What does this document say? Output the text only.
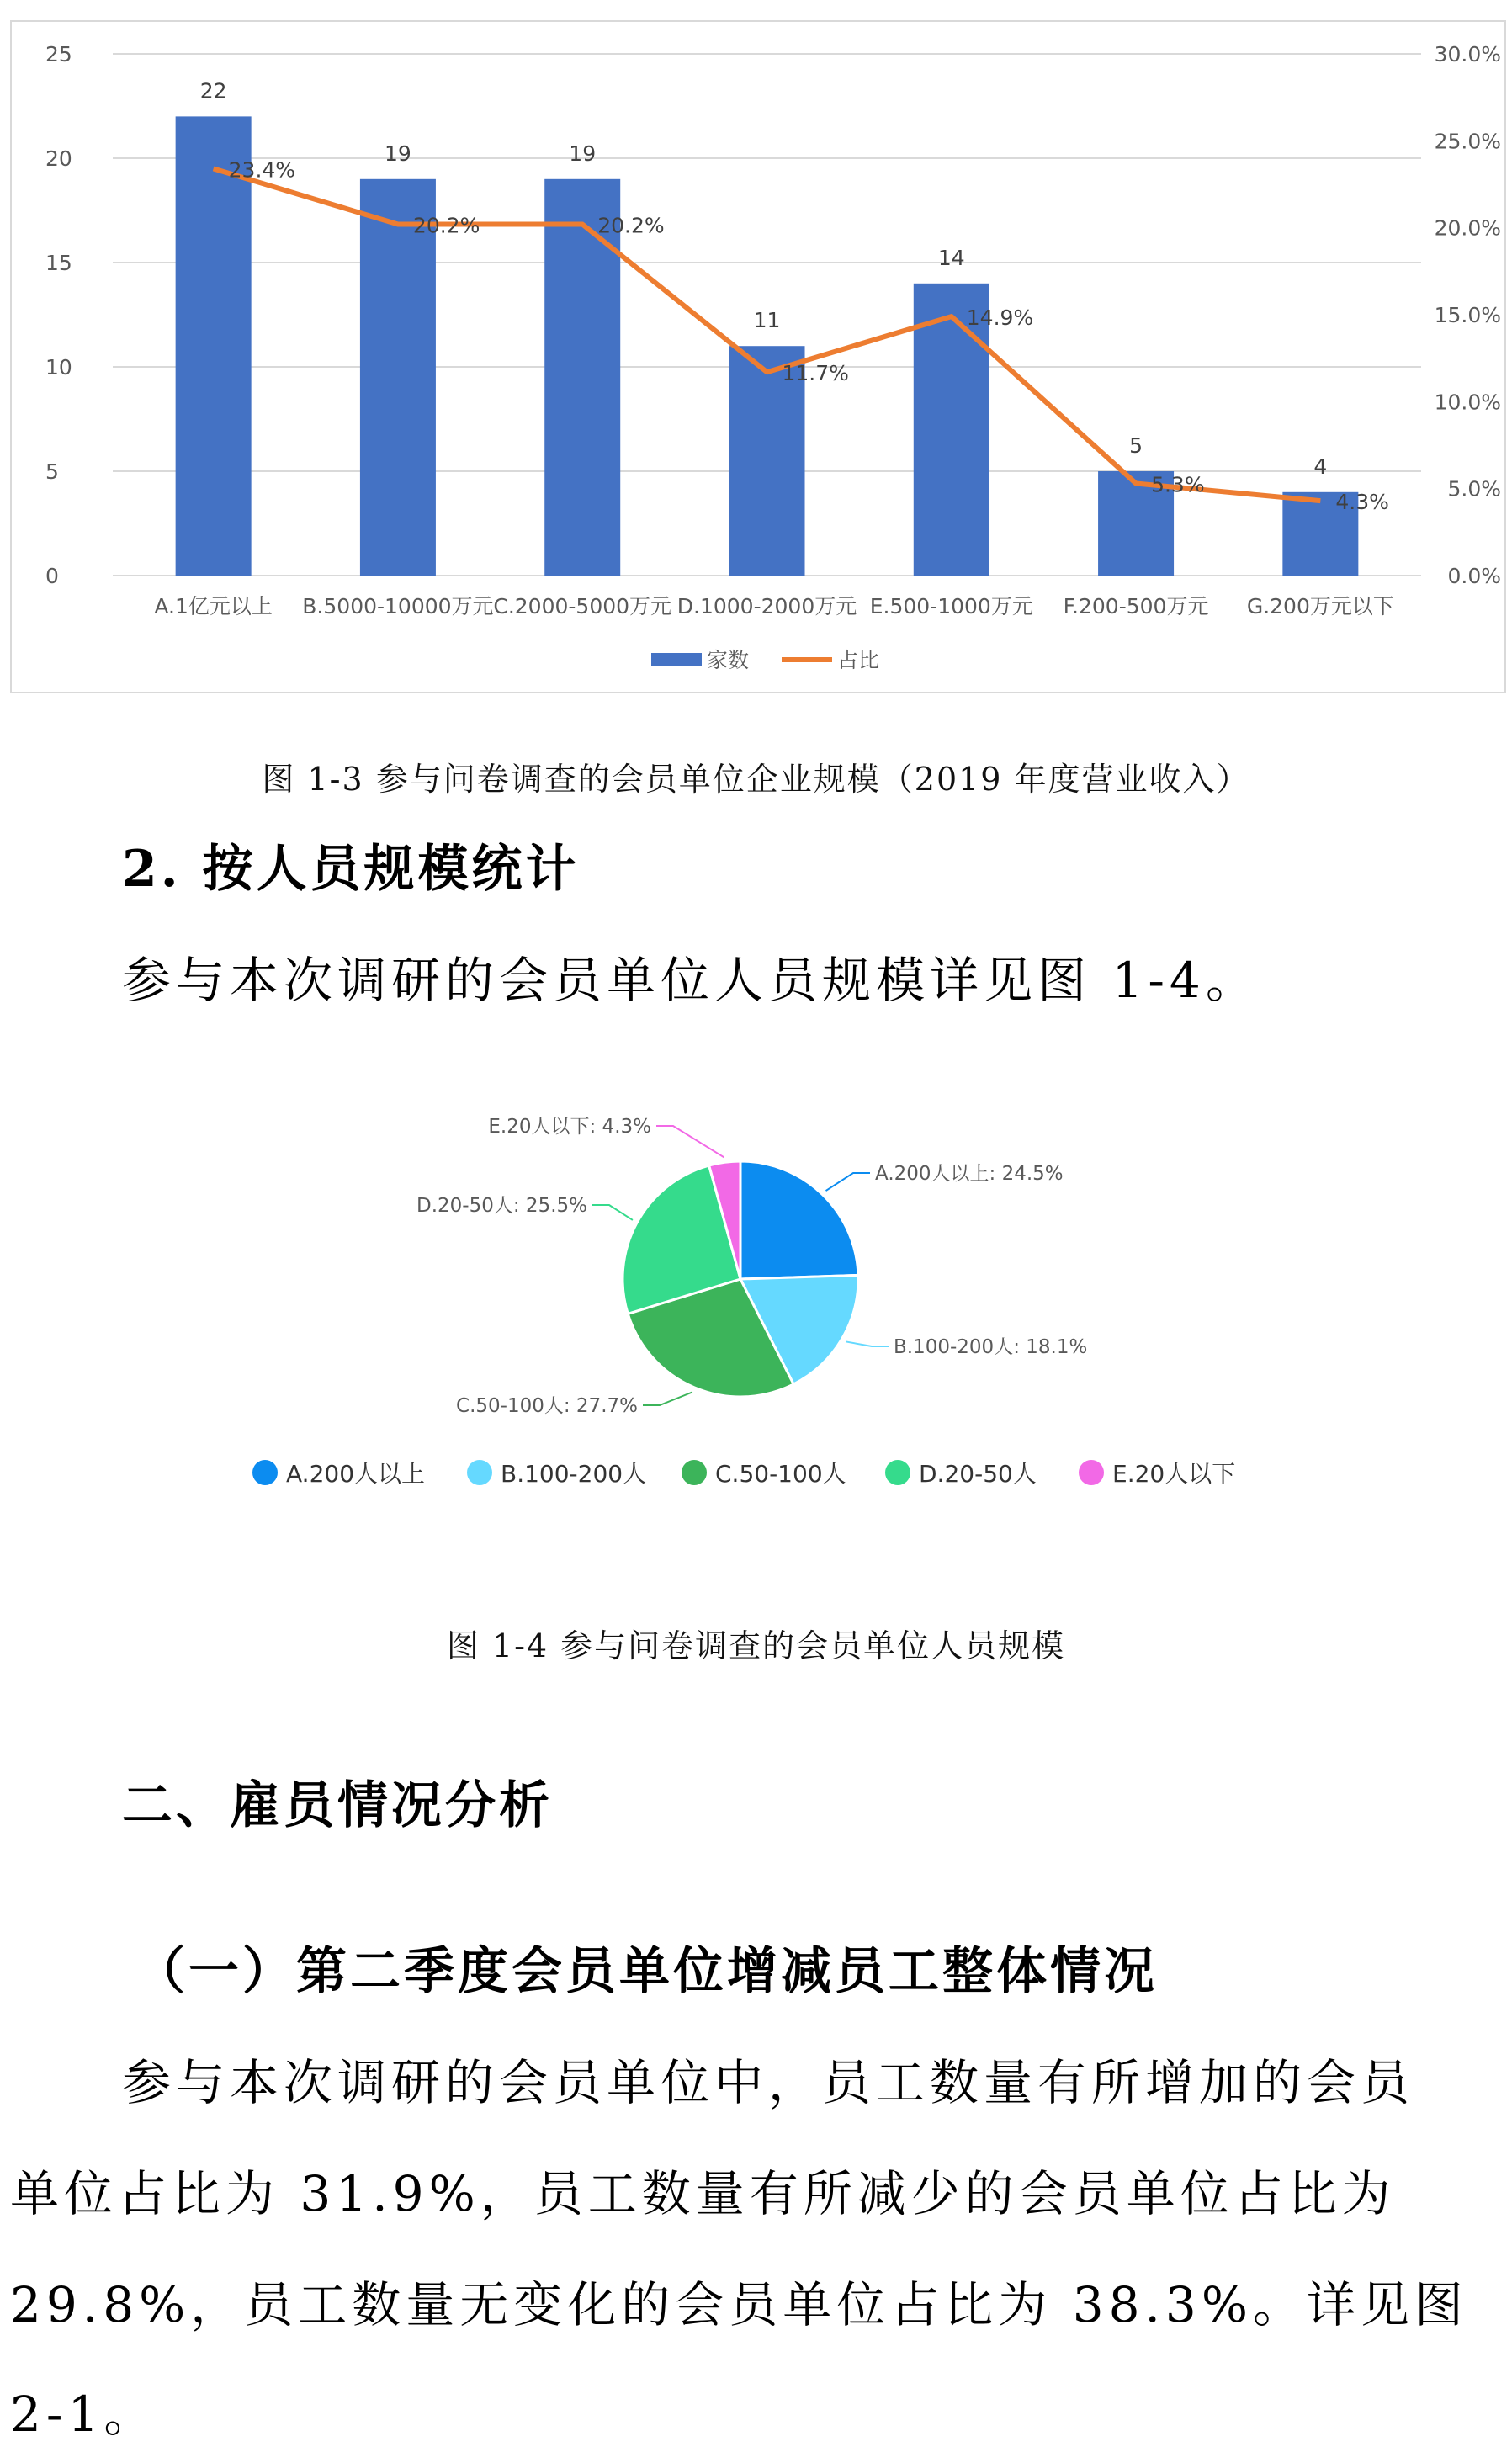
0
5
10
15
20
25
0.0%
5.0%
10.0%
15.0%
20.0%
25.0%
30.0%
22
A.1亿元以上
19
B.5000-10000万元
19
C.2000-5000万元
11
D.1000-2000万元
14
E.500-1000万元
5
F.200-500万元
4
G.200万元以下
23.4%
20.2%	20.2%
11.7%
14.9%
5.3%
4.3%
家数	占比
图 1-3 参与问卷调查的会员单位企业规模（2019 年度营业收入）
2. 按人员规模统计
参与本次调研的会员单位人员规模详见图 1-4。
A.200人以上: 24.5%
B.100-200人: 18.1%
C.50-100人: 27.7%
D.20-50人: 25.5%
E.20人以下: 4.3%
A.200人以上	B.100-200人	C.50-100人	D.20-50人	E.20人以下
图 1-4 参与问卷调查的会员单位人员规模
二、雇员情况分析
（一）第二季度会员单位增减员工整体情况
参与本次调研的会员单位中，员工数量有所增加的会员
单位占比为 31.9%，员工数量有所减少的会员单位占比为
29.8%，员工数量无变化的会员单位占比为 38.3%。详见图
2-1。
